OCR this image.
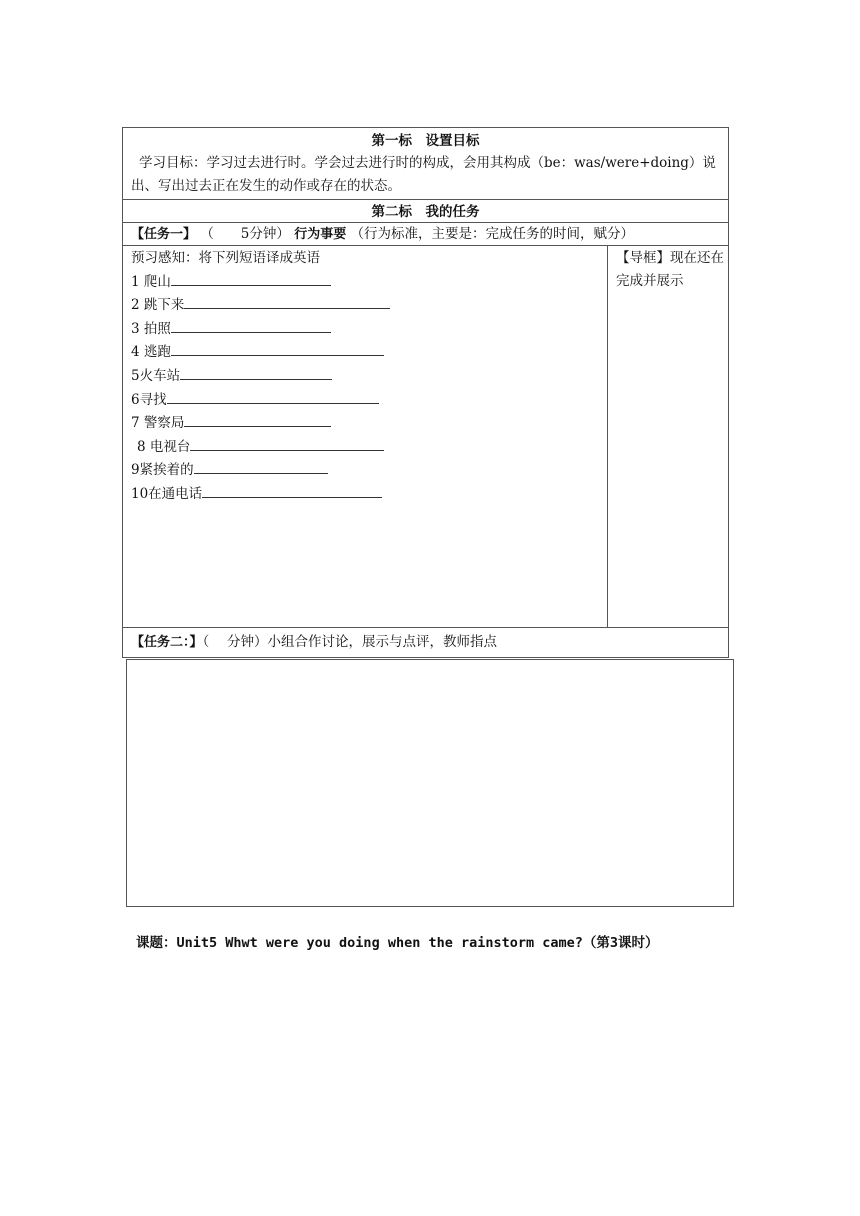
第一标　设置目标
学习目标：学习过去进行时。学会过去进行时的构成，会用其构成（be：was/were+doing）说出、写出过去正在发生的动作或存在的状态。
第二标　我的任务
【任务一】 （　　5分钟） 行为事要 （行为标准，主要是：完成任务的时间，赋分）
预习感知：将下列短语译成英语
1 爬山
2 跳下来
3 拍照
4 逃跑
5火车站
6寻找
7 警察局
8 电视台
9紧挨着的
10在通电话
【导框】现在还在完成并展示
【任务二：】（　 分钟）小组合作讨论，展示与点评，教师指点
课题：Unit5 Whwt were you doing when the rainstorm came?（第3课时）
